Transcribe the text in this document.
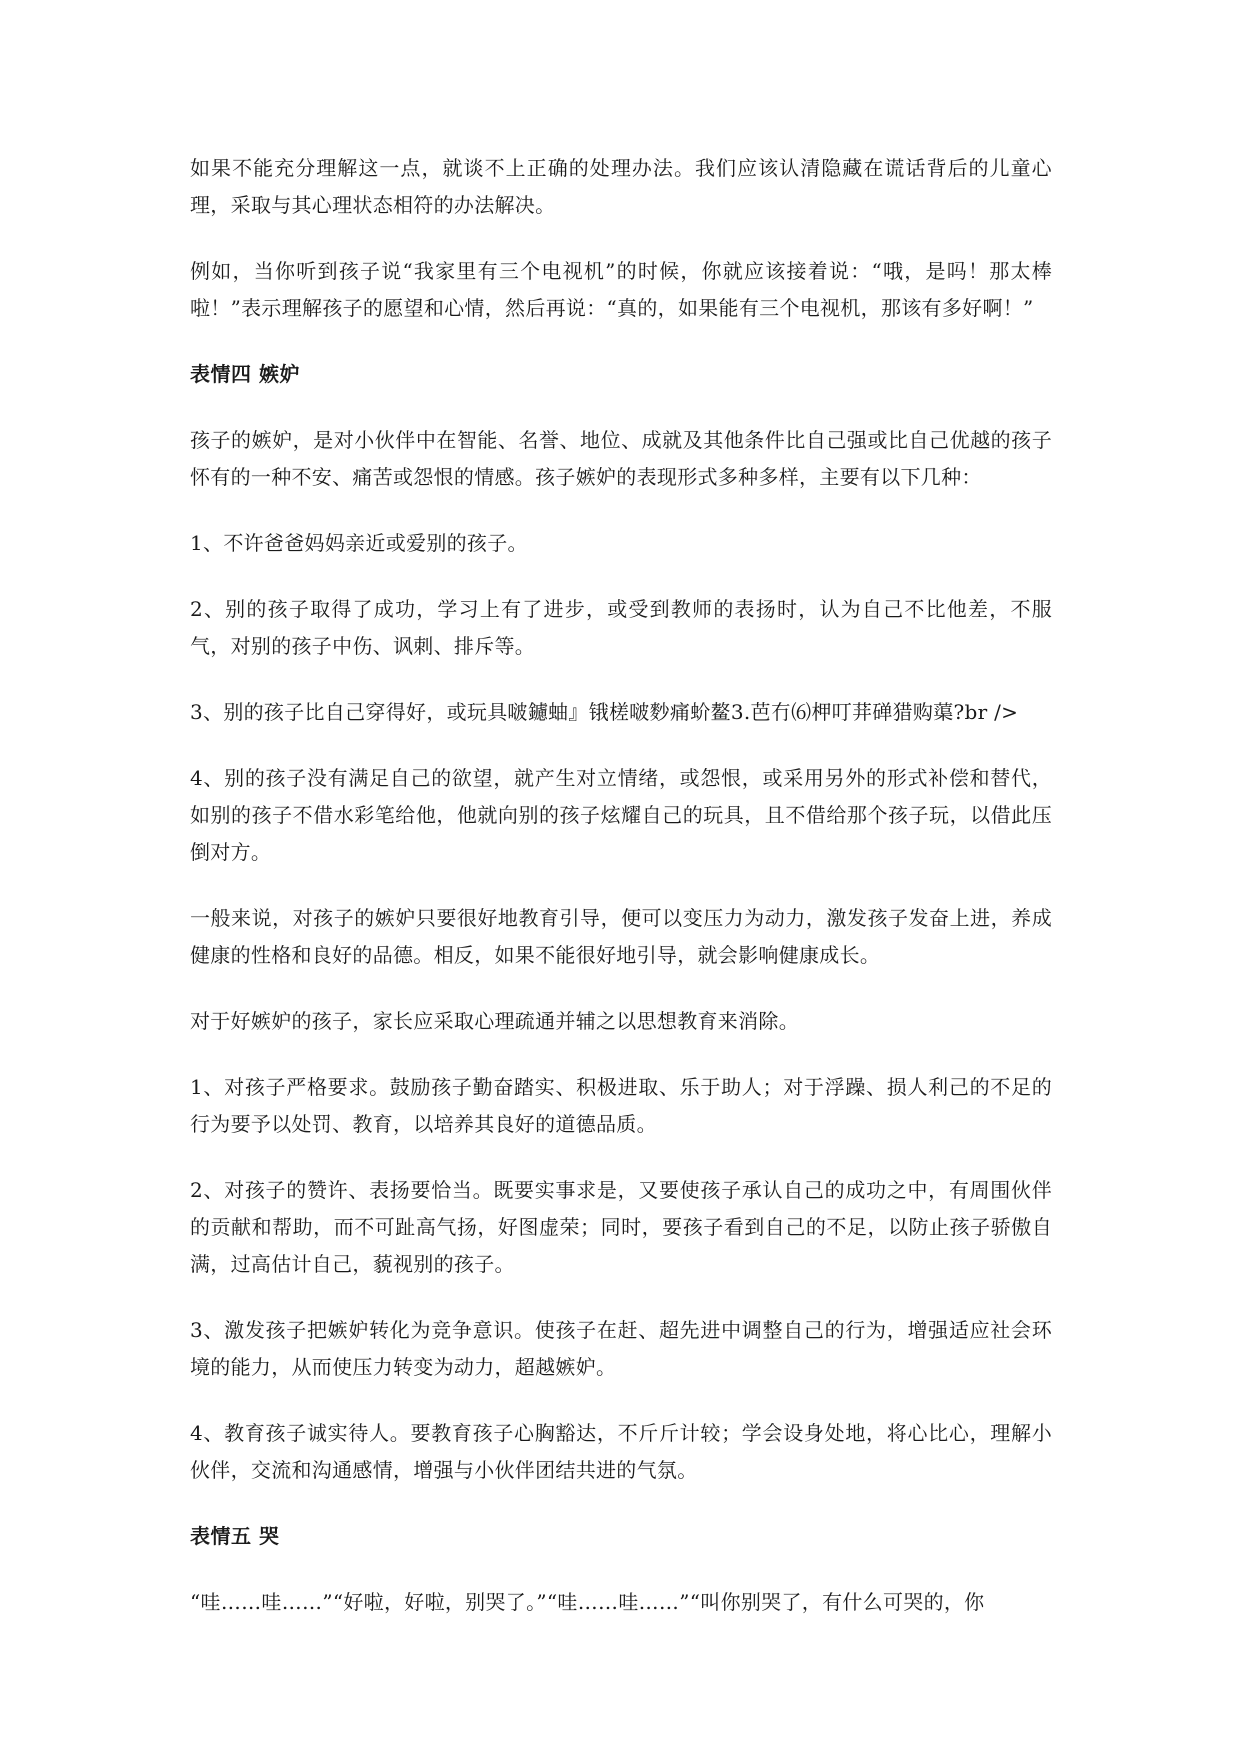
如果不能充分理解这一点，就谈不上正确的处理办法。我们应该认清隐藏在谎话背后的儿童心理，采取与其心理状态相符的办法解决。

例如，当你听到孩子说“我家里有三个电视机”的时候，你就应该接着说：“哦，是吗！那太棒啦！”表示理解孩子的愿望和心情，然后再说：“真的，如果能有三个电视机，那该有多好啊！”

表情四 嫉妒

孩子的嫉妒，是对小伙伴中在智能、名誉、地位、成就及其他条件比自己强或比自己优越的孩子怀有的一种不安、痛苦或怨恨的情感。孩子嫉妒的表现形式多种多样，主要有以下几种：

1、不许爸爸妈妈亲近或爱别的孩子。

2、别的孩子取得了成功，学习上有了进步，或受到教师的表扬时，认为自己不比他差，不服气，对别的孩子中伤、讽刺、排斥等。

3、别的孩子比自己穿得好，或玩具啵鑢蚰』锇槎啵麨痛蚧鳌3.芭冇⑹柙叮荓䃅猎购蕖?br />

4、别的孩子没有满足自己的欲望，就产生对立情绪，或怨恨，或采用另外的形式补偿和替代，如别的孩子不借水彩笔给他，他就向别的孩子炫耀自己的玩具，且不借给那个孩子玩，以借此压倒对方。

一般来说，对孩子的嫉妒只要很好地教育引导，便可以变压力为动力，激发孩子发奋上进，养成健康的性格和良好的品德。相反，如果不能很好地引导，就会影响健康成长。

对于好嫉妒的孩子，家长应采取心理疏通并辅之以思想教育来消除。

1、对孩子严格要求。鼓励孩子勤奋踏实、积极进取、乐于助人；对于浮躁、损人利己的不足的行为要予以处罚、教育，以培养其良好的道德品质。

2、对孩子的赞许、表扬要恰当。既要实事求是，又要使孩子承认自己的成功之中，有周围伙伴的贡献和帮助，而不可趾高气扬，好图虚荣；同时，要孩子看到自己的不足，以防止孩子骄傲自满，过高估计自己，藐视别的孩子。

3、激发孩子把嫉妒转化为竞争意识。使孩子在赶、超先进中调整自己的行为，增强适应社会环境的能力，从而使压力转变为动力，超越嫉妒。

4、教育孩子诚实待人。要教育孩子心胸豁达，不斤斤计较；学会设身处地，将心比心，理解小伙伴，交流和沟通感情，增强与小伙伴团结共进的气氛。

表情五 哭

“哇……哇……”“好啦，好啦，别哭了。”“哇……哇……”“叫你别哭了，有什么可哭的，你
